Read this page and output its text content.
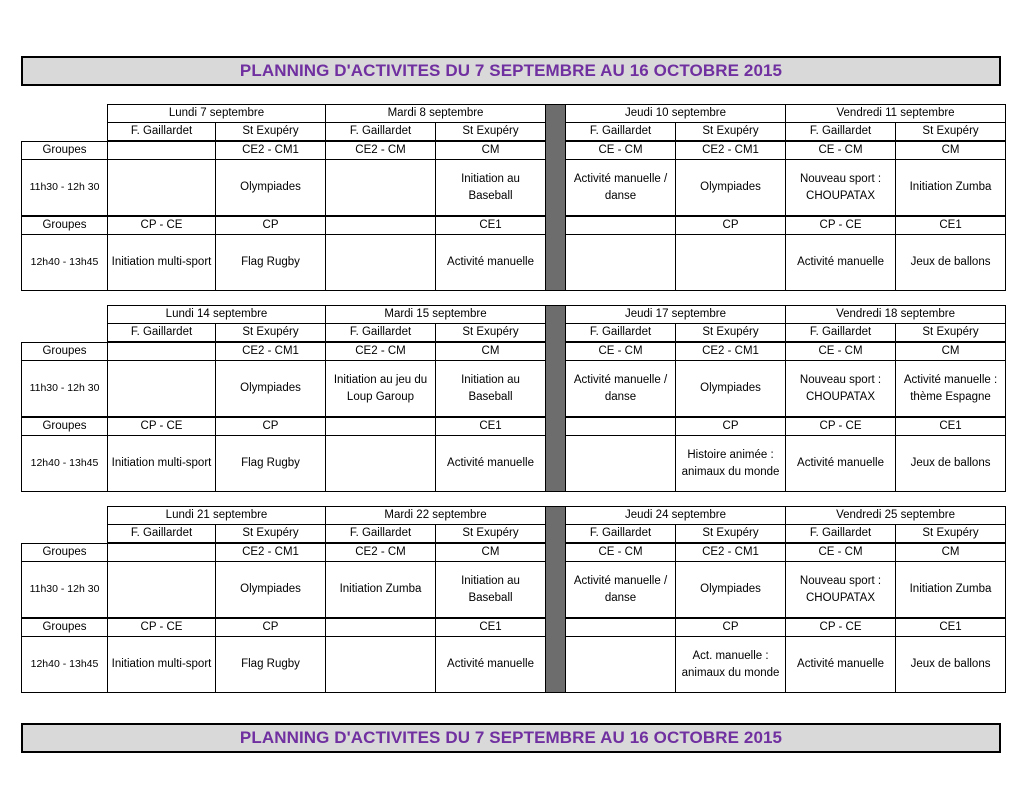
PLANNING D'ACTIVITES DU 7 SEPTEMBRE AU 16 OCTOBRE 2015
	Lundi 7 septembre		Mardi 8 septembre			Jeudi 10 septembre		Vendredi 11 septembre	
	F. Gaillardet	St Exupéry	F. Gaillardet	St Exupéry		F. Gaillardet	St Exupéry	F. Gaillardet	St Exupéry
Groupes		CE2 - CM1	CE2 - CM	CM		CE - CM	CE2 - CM1	CE - CM	CM
11h30 - 12h 30		Olympiades		Initiation au Baseball		Activité manuelle / danse	Olympiades	Nouveau sport : CHOUPATAX	Initiation Zumba
Groupes	CP - CE	CP		CE1			CP	CP - CE	CE1
12h40 - 13h45	Initiation multi-sport	Flag Rugby		Activité manuelle				Activité manuelle	Jeux de ballons
	Lundi 14 septembre		Mardi 15 septembre			Jeudi 17 septembre		Vendredi 18 septembre	
	F. Gaillardet	St Exupéry	F. Gaillardet	St Exupéry		F. Gaillardet	St Exupéry	F. Gaillardet	St Exupéry
Groupes		CE2 - CM1	CE2 - CM	CM		CE - CM	CE2 - CM1	CE - CM	CM
11h30 - 12h 30		Olympiades	Initiation au jeu du Loup Garoup	Initiation au Baseball		Activité manuelle / danse	Olympiades	Nouveau sport : CHOUPATAX	Activité manuelle : thème Espagne
Groupes	CP - CE	CP		CE1			CP	CP - CE	CE1
12h40 - 13h45	Initiation multi-sport	Flag Rugby		Activité manuelle			Histoire animée : animaux du monde	Activité manuelle	Jeux de ballons
	Lundi 21 septembre		Mardi 22 septembre			Jeudi 24 septembre		Vendredi 25 septembre	
	F. Gaillardet	St Exupéry	F. Gaillardet	St Exupéry		F. Gaillardet	St Exupéry	F. Gaillardet	St Exupéry
Groupes		CE2 - CM1	CE2 - CM	CM		CE - CM	CE2 - CM1	CE - CM	CM
11h30 - 12h 30		Olympiades	Initiation Zumba	Initiation au Baseball		Activité manuelle / danse	Olympiades	Nouveau sport : CHOUPATAX	Initiation Zumba
Groupes	CP - CE	CP		CE1			CP	CP - CE	CE1
12h40 - 13h45	Initiation multi-sport	Flag Rugby		Activité manuelle			Act. manuelle : animaux du monde	Activité manuelle	Jeux de ballons
PLANNING D'ACTIVITES DU 7 SEPTEMBRE AU 16 OCTOBRE 2015
